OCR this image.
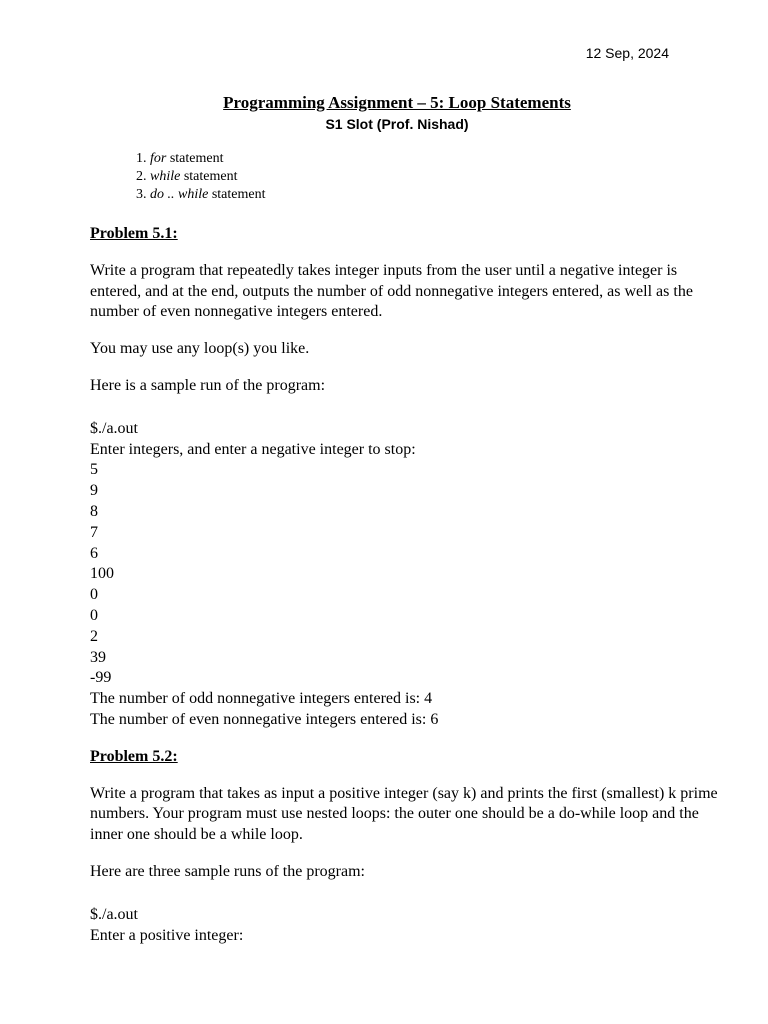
12 Sep, 2024
Programming Assignment – 5: Loop Statements
S1 Slot (Prof. Nishad)
1. for statement
2. while statement
3. do .. while statement

Problem 5.1:

Write a program that repeatedly takes integer inputs from the user until a negative integer is entered, and at the end, outputs the number of odd nonnegative integers entered, as well as the number of even nonnegative integers entered.

You may use any loop(s) you like.

Here is a sample run of the program:

$./a.out

Enter integers, and enter a negative integer to stop:

5

9

8

7

6

100

0

0

2

39

-99

The number of odd nonnegative integers entered is: 4

The number of even nonnegative integers entered is: 6

Problem 5.2:

Write a program that takes as input a positive integer (say k) and prints the first (smallest) k prime numbers. Your program must use nested loops: the outer one should be a do-while loop and the inner one should be a while loop.

Here are three sample runs of the program:

$./a.out

Enter a positive integer:
